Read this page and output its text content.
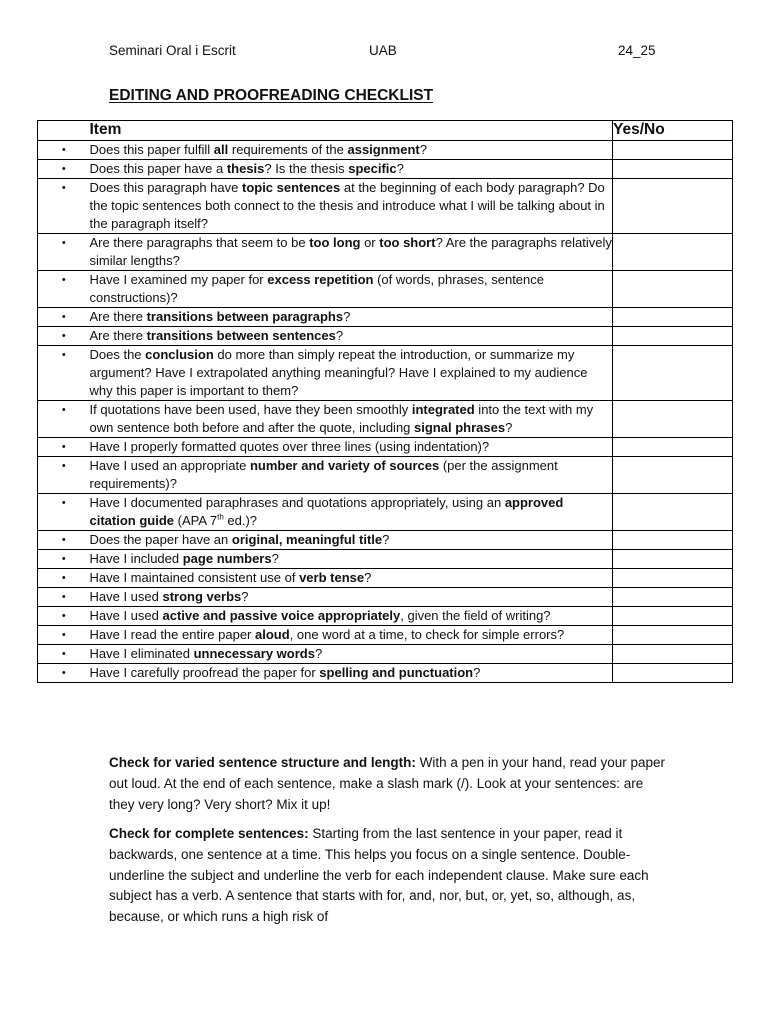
Seminari Oral i Escrit	UAB	24_25
EDITING AND PROOFREADING CHECKLIST
	Item	Yes/No
•	Does this paper fulfill all requirements of the assignment?	
•	Does this paper have a thesis? Is the thesis specific?	
•	Does this paragraph have topic sentences at the beginning of each body paragraph? Do the topic sentences both connect to the thesis and introduce what I will be talking about in the paragraph itself?	
•	Are there paragraphs that seem to be too long or too short? Are the paragraphs relatively similar lengths?	
•	Have I examined my paper for excess repetition (of words, phrases, sentence constructions)?	
•	Are there transitions between paragraphs?	
•	Are there transitions between sentences?	
•	Does the conclusion do more than simply repeat the introduction, or summarize my argument? Have I extrapolated anything meaningful? Have I explained to my audience why this paper is important to them?	
•	If quotations have been used, have they been smoothly integrated into the text with my own sentence both before and after the quote, including signal phrases?	
•	Have I properly formatted quotes over three lines (using indentation)?	
•	Have I used an appropriate number and variety of sources (per the assignment requirements)?	
•	Have I documented paraphrases and quotations appropriately, using an approved citation guide (APA 7th ed.)?	
•	Does the paper have an original, meaningful title?	
•	Have I included page numbers?	
•	Have I maintained consistent use of verb tense?	
•	Have I used strong verbs?	
•	Have I used active and passive voice appropriately, given the field of writing?	
•	Have I read the entire paper aloud, one word at a time, to check for simple errors?	
•	Have I eliminated unnecessary words?	
•	Have I carefully proofread the paper for spelling and punctuation?	
Check for varied sentence structure and length: With a pen in your hand, read your paper out loud. At the end of each sentence, make a slash mark (/). Look at your sentences: are they very long? Very short? Mix it up!
Check for complete sentences: Starting from the last sentence in your paper, read it backwards, one sentence at a time. This helps you focus on a single sentence. Double-underline the subject and underline the verb for each independent clause. Make sure each subject has a verb. A sentence that starts with for, and, nor, but, or, yet, so, although, as, because, or which runs a high risk of
